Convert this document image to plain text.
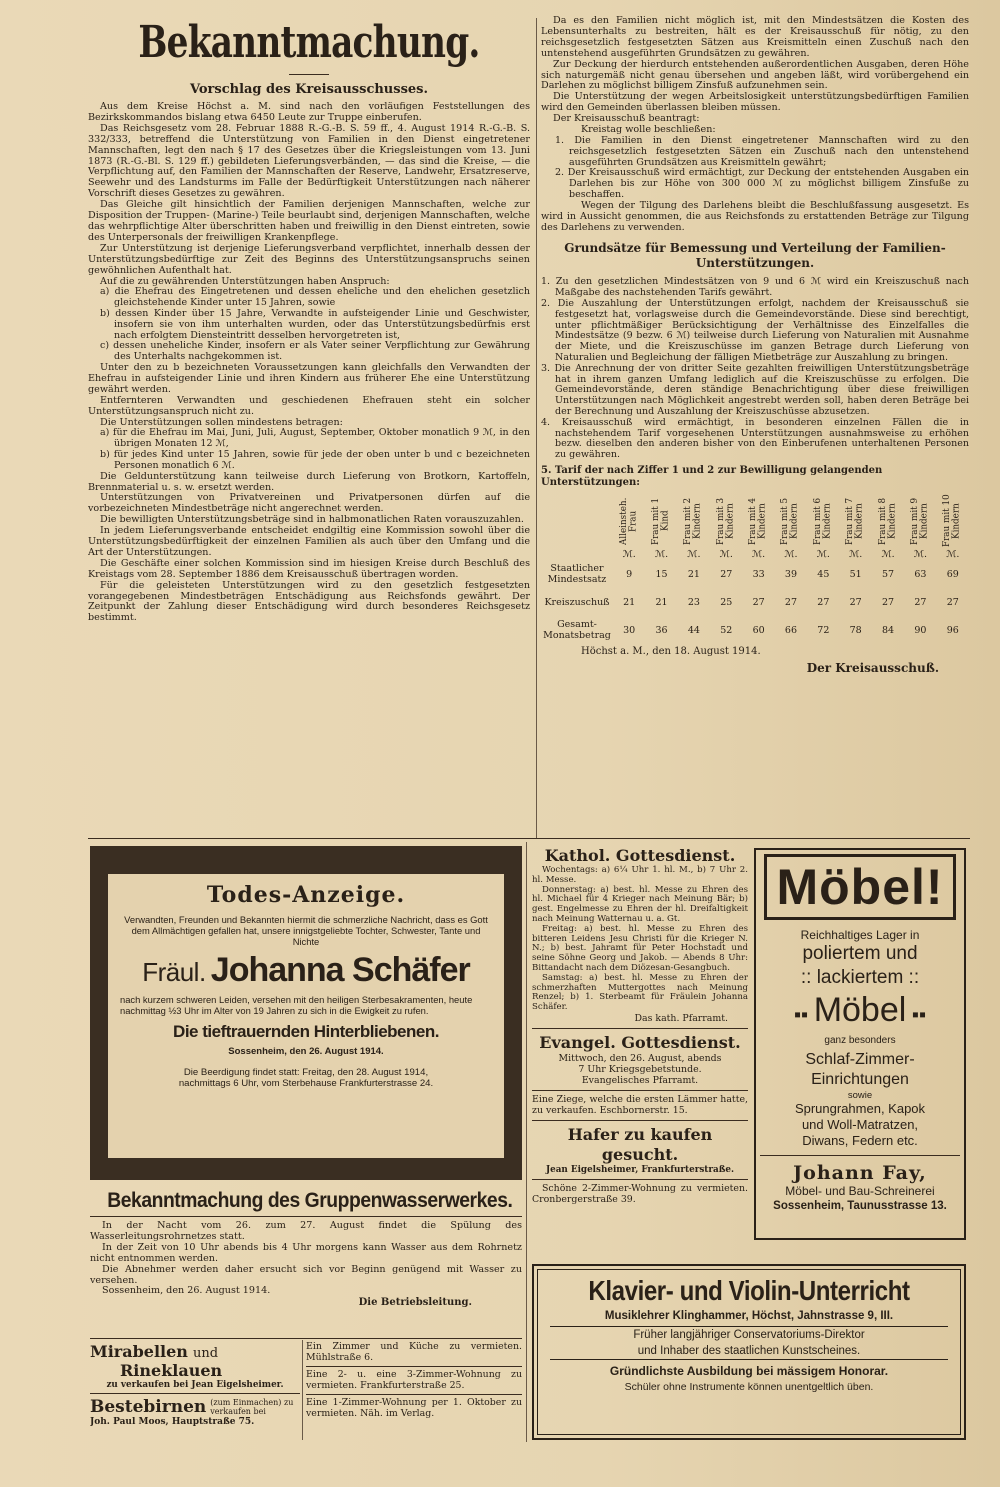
Bekanntmachung.
Vorschlag des Kreisausschusses.

Aus dem Kreise Höchst a. M. sind nach den vorläufigen Feststellungen des Bezirkskommandos bislang etwa 6450 Leute zur Truppe einberufen.

Das Reichsgesetz vom 28. Februar 1888 R.-G.-B. S. 59 ff., 4. August 1914 R.-G.-B. S. 332/333, betreffend die Unterstützung von Familien in den Dienst eingetretener Mannschaften, legt den nach § 17 des Gesetzes über die Kriegsleistungen vom 13. Juni 1873 (R.-G.-Bl. S. 129 ff.) gebildeten Lieferungsverbänden, — das sind die Kreise, — die Verpflichtung auf, den Familien der Mannschaften der Reserve, Landwehr, Ersatzreserve, Seewehr und des Landsturms im Falle der Bedürftigkeit Unterstützungen nach näherer Vorschrift dieses Gesetzes zu gewähren.

Das Gleiche gilt hinsichtlich der Familien derjenigen Mannschaften, welche zur Disposition der Truppen- (Marine-) Teile beurlaubt sind, derjenigen Mannschaften, welche das wehrpflichtige Alter überschritten haben und freiwillig in den Dienst eintreten, sowie des Unterpersonals der freiwilligen Krankenpflege.

Zur Unterstützung ist derjenige Lieferungsverband verpflichtet, innerhalb dessen der Unterstützungsbedürftige zur Zeit des Beginns des Unterstützungsanspruchs seinen gewöhnlichen Aufenthalt hat.

Auf die zu gewährenden Unterstützungen haben Anspruch:

a) die Ehefrau des Eingetretenen und dessen eheliche und den ehelichen gesetzlich gleichstehende Kinder unter 15 Jahren, sowie
b) dessen Kinder über 15 Jahre, Verwandte in aufsteigender Linie und Geschwister, insofern sie von ihm unterhalten wurden, oder das Unterstützungsbedürfnis erst nach erfolgtem Diensteintritt desselben hervorgetreten ist,
c) dessen uneheliche Kinder, insofern er als Vater seiner Verpflichtung zur Gewährung des Unterhalts nachgekommen ist.

Unter den zu b bezeichneten Voraussetzungen kann gleichfalls den Verwandten der Ehefrau in aufsteigender Linie und ihren Kindern aus früherer Ehe eine Unterstützung gewährt werden.

Entfernteren Verwandten und geschiedenen Ehefrauen steht ein solcher Unterstützungsanspruch nicht zu.

Die Unterstützungen sollen mindestens betragen:

a) für die Ehefrau im Mai, Juni, Juli, August, September, Oktober monatlich 9 ℳ, in den übrigen Monaten 12 ℳ,
b) für jedes Kind unter 15 Jahren, sowie für jede der oben unter b und c bezeichneten Personen monatlich 6 ℳ.

Die Geldunterstützung kann teilweise durch Lieferung von Brotkorn, Kartoffeln, Brennmaterial u. s. w. ersetzt werden.

Unterstützungen von Privatvereinen und Privatpersonen dürfen auf die vorbezeichneten Mindestbeträge nicht angerechnet werden.

Die bewilligten Unterstützungsbeträge sind in halbmonatlichen Raten vorauszuzahlen.

In jedem Lieferungsverbande entscheidet endgiltig eine Kommission sowohl über die Unterstützungsbedürftigkeit der einzelnen Familien als auch über den Umfang und die Art der Unterstützungen.

Die Geschäfte einer solchen Kommission sind im hiesigen Kreise durch Beschluß des Kreistags vom 28. September 1886 dem Kreisausschuß übertragen worden.

Für die geleisteten Unterstützungen wird zu den gesetzlich festgesetzten vorangegebenen Mindestbeträgen Entschädigung aus Reichsfonds gewährt. Der Zeitpunkt der Zahlung dieser Entschädigung wird durch besonderes Reichsgesetz bestimmt.

Da es den Familien nicht möglich ist, mit den Mindestsätzen die Kosten des Lebensunterhalts zu bestreiten, hält es der Kreisausschuß für nötig, zu den reichsgesetzlich festgesetzten Sätzen aus Kreismitteln einen Zuschuß nach den untenstehend ausgeführten Grundsätzen zu gewähren.

Zur Deckung der hierdurch entstehenden außerordentlichen Ausgaben, deren Höhe sich naturgemäß nicht genau übersehen und angeben läßt, wird vorübergehend ein Darlehen zu möglichst billigem Zinsfuß aufzunehmen sein.

Die Unterstützung der wegen Arbeitslosigkeit unterstützungsbedürftigen Familien wird den Gemeinden überlassen bleiben müssen.

Der Kreisausschuß beantragt:

Kreistag wolle beschließen:

1. Die Familien in den Dienst eingetretener Mannschaften wird zu den reichsgesetzlich festgesetzten Sätzen ein Zuschuß nach den untenstehend ausgeführten Grundsätzen aus Kreismitteln gewährt;
2. Der Kreisausschuß wird ermächtigt, zur Deckung der entstehenden Ausgaben ein Darlehen bis zur Höhe von 300 000 ℳ zu möglichst billigem Zinsfuße zu beschaffen.

Wegen der Tilgung des Darlehens bleibt die Beschlußfassung ausgesetzt. Es wird in Aussicht genommen, die aus Reichsfonds zu erstattenden Beträge zur Tilgung des Darlehens zu verwenden.

Grundsätze für Bemessung und Verteilung der Familien-Unterstützungen.
1. Zu den gesetzlichen Mindestsätzen von 9 und 6 ℳ wird ein Kreiszuschuß nach Maßgabe des nachstehenden Tarifs gewährt.
2. Die Auszahlung der Unterstützungen erfolgt, nachdem der Kreisausschuß sie festgesetzt hat, vorlagsweise durch die Gemeindevorstände. Diese sind berechtigt, unter pflichtmäßiger Berücksichtigung der Verhältnisse des Einzelfalles die Mindestsätze (9 bezw. 6 ℳ) teilweise durch Lieferung von Naturalien mit Ausnahme der Miete, und die Kreiszuschüsse im ganzen Betrage durch Lieferung von Naturalien und Begleichung der fälligen Mietbeträge zur Auszahlung zu bringen.
3. Die Anrechnung der von dritter Seite gezahlten freiwilligen Unterstützungsbeträge hat in ihrem ganzen Umfang lediglich auf die Kreiszuschüsse zu erfolgen. Die Gemeindevorstände, deren ständige Benachrichtigung über diese freiwilligen Unterstützungen nach Möglichkeit angestrebt werden soll, haben deren Beträge bei der Berechnung und Auszahlung der Kreiszuschüsse abzusetzen.
4. Kreisausschuß wird ermächtigt, in besonderen einzelnen Fällen die in nachstehendem Tarif vorgesehenen Unterstützungen ausnahmsweise zu erhöhen bezw. dieselben den anderen bisher von den Einberufenen unterhaltenen Personen zu gewähren.
5. Tarif der nach Ziffer 1 und 2 zur Bewilligung gelangenden Unterstützungen:

	Alleinsteh. Frau	Frau mit 1 Kind	Frau mit 2 Kindern	Frau mit 3 Kindern	Frau mit 4 Kindern	Frau mit 5 Kindern	Frau mit 6 Kindern	Frau mit 7 Kindern	Frau mit 8 Kindern	Frau mit 9 Kindern	Frau mit 10 Kindern

	ℳ.	ℳ.	ℳ.	ℳ.	ℳ.	ℳ.	ℳ.	ℳ.	ℳ.	ℳ.	ℳ.
Staatlicher Mindestsatz	9	15	21	27	33	39	45	51	57	63	69
Kreiszuschuß	21	21	23	25	27	27	27	27	27	27	27
Gesamt-Monatsbetrag	30	36	44	52	60	66	72	78	84	90	96
Höchst a. M., den 18. August 1914.
Der Kreisausschuß.
Todes-Anzeige.
Verwandten, Freunden und Bekannten hiermit die schmerzliche Nachricht, dass es Gott dem Allmächtigen gefallen hat, unsere innigstgeliebte Tochter, Schwester, Tante und Nichte
Fräul. Johanna Schäfer
nach kurzem schweren Leiden, versehen mit den heiligen Sterbesakramenten, heute nachmittag ½3 Uhr im Alter von 19 Jahren zu sich in die Ewigkeit zu rufen.
Die tieftrauernden Hinterbliebenen.
Sossenheim, den 26. August 1914.
Die Beerdigung findet statt: Freitag, den 28. August 1914,
nachmittags 6 Uhr, vom Sterbehause Frankfurterstrasse 24.
Bekanntmachung des Gruppenwasserwerkes.

In der Nacht vom 26. zum 27. August findet die Spülung des Wasserleitungsrohrnetzes statt.

In der Zeit von 10 Uhr abends bis 4 Uhr morgens kann Wasser aus dem Rohrnetz nicht entnommen werden.

Die Abnehmer werden daher ersucht sich vor Beginn genügend mit Wasser zu versehen.

Sossenheim, den 26. August 1914.

Die Betriebsleitung.
Mirabellen und
Rineklauen
zu verkaufen bei Jean Eigelsheimer.
Bestebirnen (zum Einmachen) zu verkaufen bei
Joh. Paul Moos, Hauptstraße 75.

Ein Zimmer und Küche zu vermieten. Mühlstraße 6.

Eine 2- u. eine 3-Zimmer-Wohnung zu vermieten. Frankfurterstraße 25.

Eine 1-Zimmer-Wohnung per 1. Oktober zu vermieten. Näh. im Verlag.

Kathol. Gottesdienst.

Wochentags: a) 6¼ Uhr 1. hl. M., b) 7 Uhr 2. hl. Messe.

Donnerstag: a) best. hl. Messe zu Ehren des hl. Michael für 4 Krieger nach Meinung Bär; b) gest. Engelmesse zu Ehren der hl. Dreifaltigkeit nach Meinung Watternau u. a. Gt.

Freitag: a) best. hl. Messe zu Ehren des bitteren Leidens Jesu Christi für die Krieger N. N.; b) best. Jahramt für Peter Hochstadt und seine Söhne Georg und Jakob. — Abends 8 Uhr: Bittandacht nach dem Diözesan-Gesangbuch.

Samstag: a) best. hl. Messe zu Ehren der schmerzhaften Muttergottes nach Meinung Renzel; b) 1. Sterbeamt für Fräulein Johanna Schäfer.

Das kath. Pfarramt.
Evangel. Gottesdienst.
Mittwoch, den 26. August, abends
7 Uhr Kriegsgebetstunde.
Evangelisches Pfarramt.

Eine Ziege, welche die ersten Lämmer hatte, zu verkaufen. Eschbornerstr. 15.

Hafer zu kaufen gesucht.
Jean Eigelsheimer, Frankfurterstraße.

Schöne 2-Zimmer-Wohnung zu vermieten. Cronbergerstraße 39.

Möbel!
Reichhaltiges Lager in
poliertem und
:: lackiertem ::
▪▪ Möbel ▪▪
ganz besonders
Schlaf-Zimmer-
Einrichtungen
sowie
Sprungrahmen, Kapok
und Woll-Matratzen,
Diwans, Federn etc.
Johann Fay,
Möbel- und Bau-Schreinerei
Sossenheim, Taunusstrasse 13.
Klavier- und Violin-Unterricht
Musiklehrer Klinghammer, Höchst, Jahnstrasse 9, III.
Früher langjähriger Conservatoriums-Direktor
und Inhaber des staatlichen Kunstscheines.
Gründlichste Ausbildung bei mässigem Honorar.
Schüler ohne Instrumente können unentgeltlich üben.
